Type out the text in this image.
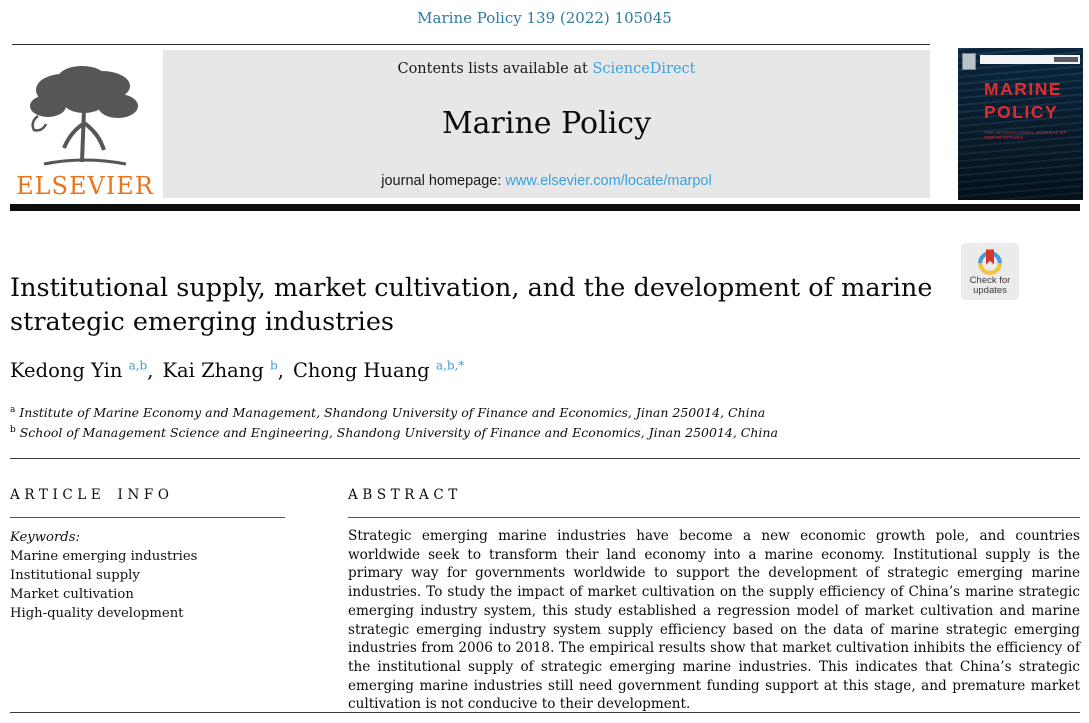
Marine Policy 139 (2022) 105045
ELSEVIER
Contents lists available at ScienceDirect
Marine Policy
journal homepage: www.elsevier.com/locate/marpol
MARINE
POLICY
THE INTERNATIONAL JOURNAL OF OCEAN AFFAIRS
Check for
updates
Institutional supply, market cultivation, and the development of marine
strategic emerging industries
Kedong Yin $^{a,b}$, Kai Zhang $^b$, Chong Huang $^{a,b,*}$
$^a$ Institute of Marine Economy and Management, Shandong University of Finance and Economics, Jinan 250014, China
$^b$ School of Management Science and Engineering, Shandong University of Finance and Economics, Jinan 250014, China
ARTICLE INFO	ABSTRACT
Keywords:
Marine emerging industries
Institutional supply
Market cultivation
High-quality development
Strategic emerging marine industries have become a new economic growth pole, and countries worldwide seek to transform their land economy into a marine economy. Institutional supply is the primary way for governments worldwide to support the development of strategic emerging marine industries. To study the impact of market cultivation on the supply efficiency of China’s marine strategic emerging industry system, this study established a regression model of market cultivation and marine strategic emerging industry system supply efficiency based on the data of marine strategic emerging industries from 2006 to 2018. The empirical results show that market cultivation inhibits the efficiency of the institutional supply of strategic emerging marine industries. This indicates that China’s strategic emerging marine industries still need government funding support at this stage, and premature market cultivation is not conducive to their development.
